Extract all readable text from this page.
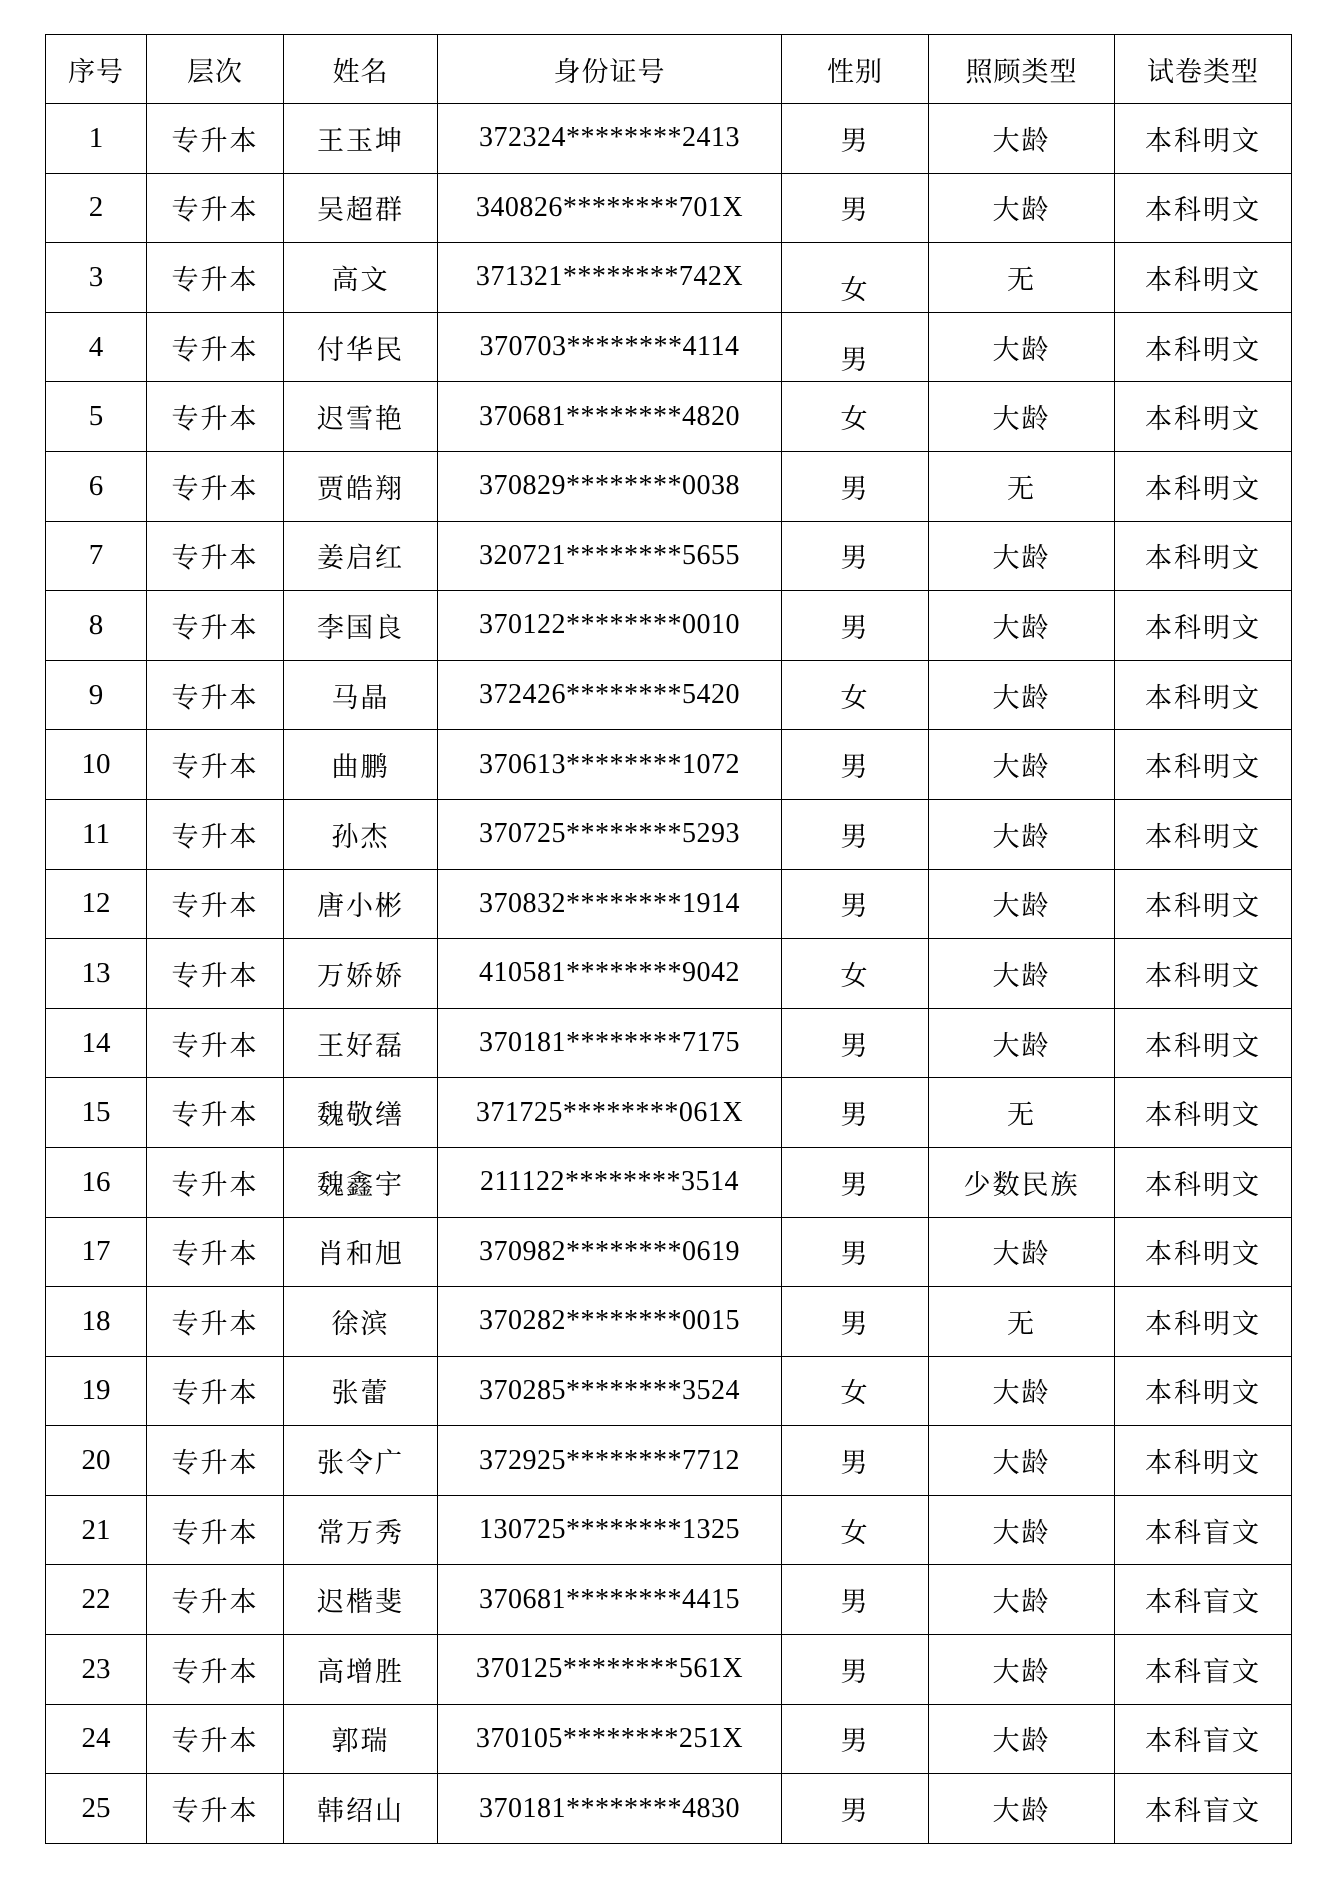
序号	层次	姓名	身份证号	性别	照顾类型	试卷类型
1	专升本	王玉坤	372324********2413	男	大龄	本科明文
2	专升本	吴超群	340826********701X	男	大龄	本科明文
3	专升本	高文	371321********742X	女	无	本科明文
4	专升本	付华民	370703********4114	男	大龄	本科明文
5	专升本	迟雪艳	370681********4820	女	大龄	本科明文
6	专升本	贾皓翔	370829********0038	男	无	本科明文
7	专升本	姜启红	320721********5655	男	大龄	本科明文
8	专升本	李国良	370122********0010	男	大龄	本科明文
9	专升本	马晶	372426********5420	女	大龄	本科明文
10	专升本	曲鹏	370613********1072	男	大龄	本科明文
11	专升本	孙杰	370725********5293	男	大龄	本科明文
12	专升本	唐小彬	370832********1914	男	大龄	本科明文
13	专升本	万娇娇	410581********9042	女	大龄	本科明文
14	专升本	王好磊	370181********7175	男	大龄	本科明文
15	专升本	魏敬缮	371725********061X	男	无	本科明文
16	专升本	魏鑫宇	211122********3514	男	少数民族	本科明文
17	专升本	肖和旭	370982********0619	男	大龄	本科明文
18	专升本	徐滨	370282********0015	男	无	本科明文
19	专升本	张蕾	370285********3524	女	大龄	本科明文
20	专升本	张令广	372925********7712	男	大龄	本科明文
21	专升本	常万秀	130725********1325	女	大龄	本科盲文
22	专升本	迟楷斐	370681********4415	男	大龄	本科盲文
23	专升本	高增胜	370125********561X	男	大龄	本科盲文
24	专升本	郭瑞	370105********251X	男	大龄	本科盲文
25	专升本	韩绍山	370181********4830	男	大龄	本科盲文
